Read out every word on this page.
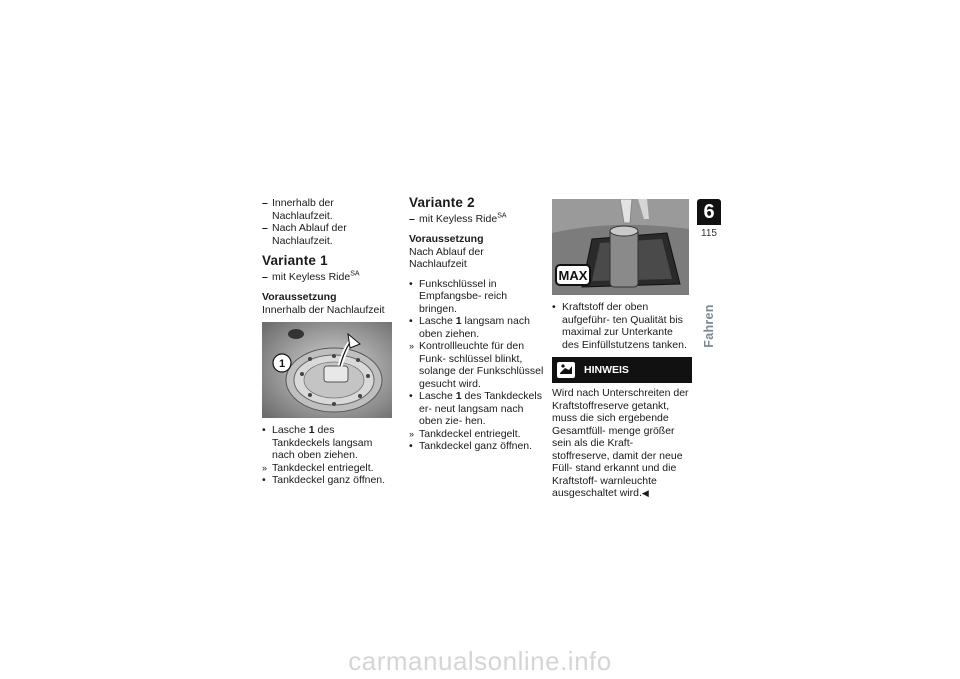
– Innerhalb der Nachlaufzeit.
– Nach Ablauf der Nachlaufzeit.
Variante 1
– mit Keyless Ride$^{SA}$
Voraussetzung
Innerhalb der Nachlaufzeit
1
• Lasche 1 des Tankdeckels langsam nach oben ziehen.
» Tankdeckel entriegelt.
• Tankdeckel ganz öffnen.
Variante 2
– mit Keyless Ride$^{SA}$
Voraussetzung
Nach Ablauf der Nachlaufzeit
• Funkschlüssel in Empfangsbe- reich bringen.
• Lasche 1 langsam nach oben ziehen.
» Kontrollleuchte für den Funk- schlüssel blinkt, solange der Funkschlüssel gesucht wird.
• Lasche 1 des Tankdeckels er- neut langsam nach oben zie- hen.
» Tankdeckel entriegelt.
• Tankdeckel ganz öffnen.
MAX
• Kraftstoff der oben aufgeführ- ten Qualität bis maximal zur Unterkante des Einfüllstutzens tanken.
HINWEIS
Wird nach Unterschreiten der Kraftstoffreserve getankt, muss die sich ergebende Gesamtfüll- menge größer sein als die Kraft- stoffreserve, damit der neue Füll- stand erkannt und die Kraftstoff- warnleuchte ausgeschaltet wird.◀
6
115
Fahren
carmanualsonline.info
